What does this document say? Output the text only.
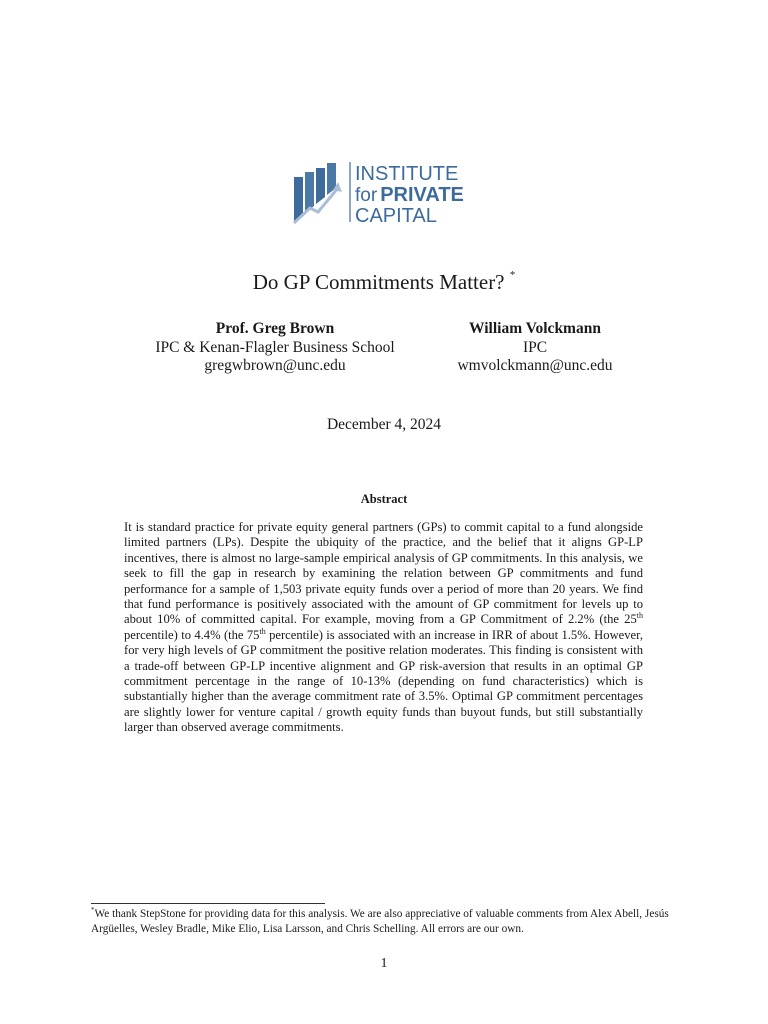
INSTITUTE
for PRIVATE
CAPITAL
Do GP Commitments Matter? *
Prof. Greg Brown
IPC & Kenan-Flagler Business School
gregwbrown@unc.edu
William Volckmann
IPC
wmvolckmann@unc.edu
December 4, 2024
Abstract

It is standard practice for private equity general partners (GPs) to commit capital to a fund alongside limited partners (LPs). Despite the ubiquity of the practice, and the belief that it aligns GP-LP incentives, there is almost no large-sample empirical analysis of GP commitments. In this analysis, we seek to fill the gap in research by examining the relation between GP commitments and fund performance for a sample of 1,503 private equity funds over a period of more than 20 years. We find that fund performance is positively associated with the amount of GP commitment for levels up to about 10% of committed capital. For example, moving from a GP Commitment of 2.2% (the 25th percentile) to 4.4% (the 75th percentile) is associated with an increase in IRR of about 1.5%. However, for very high levels of GP commitment the positive relation moderates. This finding is consistent with a trade-off between GP-LP incentive alignment and GP risk-aversion that results in an optimal GP commitment percentage in the range of 10-13% (depending on fund characteristics) which is substantially higher than the average commitment rate of 3.5%. Optimal GP commitment percentages are slightly lower for venture capital / growth equity funds than buyout funds, but still substantially larger than observed average commitments.

*We thank StepStone for providing data for this analysis. We are also appreciative of valuable comments from Alex Abell, Jesús Argüelles, Wesley Bradle, Mike Elio, Lisa Larsson, and Chris Schelling. All errors are our own.

1
